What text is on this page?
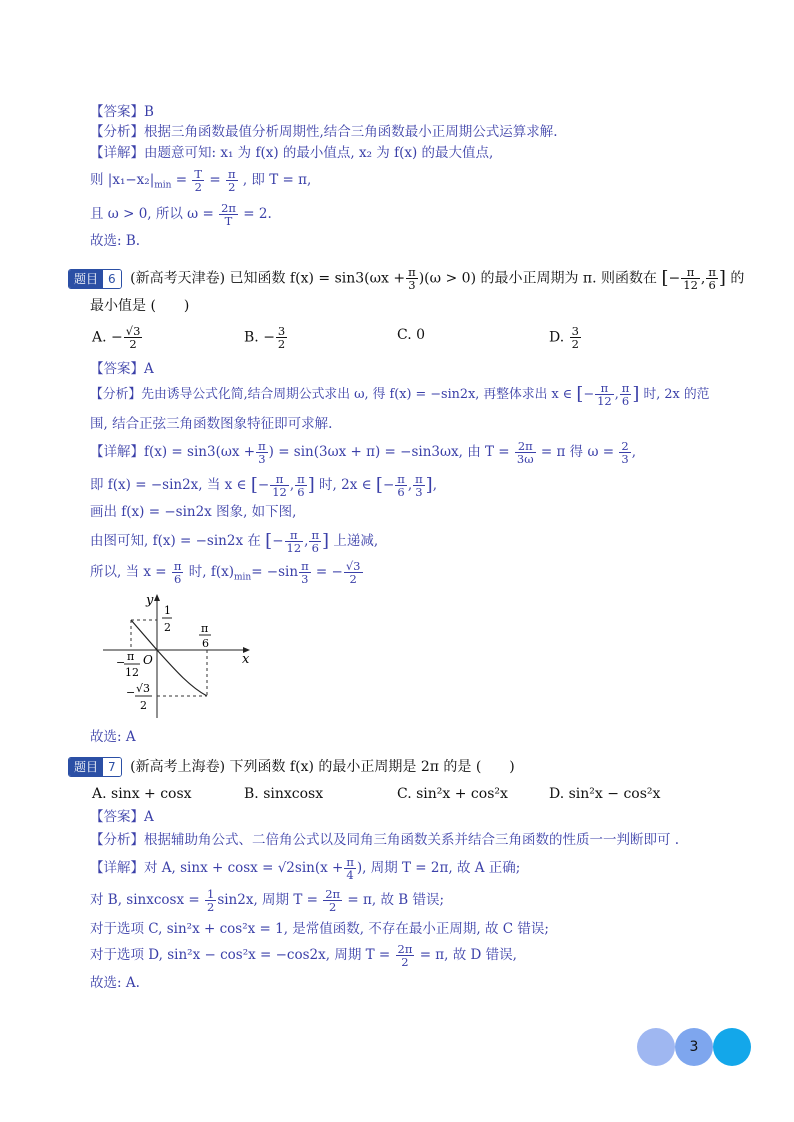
【答案】B
【分析】根据三角函数最值分析周期性,结合三角函数最小正周期公式运算求解.
【详解】由题意可知: x₁ 为 f(x) 的最小值点, x₂ 为 f(x) 的最大值点,
则 $|x_1-x_2|_{min} = \frac{T}{2} = \frac{\pi}{2}$ , 即 T = π,
且 ω > 0, 所以 $\omega = \frac{2\pi}{T} = 2$.
故选: B.
题目 6	(新高考天津卷) 已知函数 $f(x) = \sin 3(\omega x + \frac{\pi}{3} )(\omega > 0)$ 的最小正周期为 π. 则函数在 [− $\frac{\pi}{12}$ , $\frac{\pi}{6}$ ] 的
最小值是 (　　)
A. − $\frac{√3}{2}$	B. − $\frac{3}{2}$	C. 0	D. $\frac{3}{2}$
【答案】A
【分析】先由诱导公式化简,结合周期公式求出 ω, 得 f(x) = −sin2x, 再整体求出 x ∈ [− $\frac{\pi}{12}$ , $\frac{\pi}{6}$ ] 时, 2x 的范
围, 结合正弦三角函数图象特征即可求解.
【详解】$f(x) = \sin 3(\omega x + \frac{\pi}{3}$ ) = sin(3ωx + π) = −sin3ωx, 由 $T = \frac{2\pi}{3\omega} = \pi$ 得 $\omega = \frac{2}{3}$ ,
即 f(x) = −sin2x, 当 x ∈ [− $\frac{\pi}{12}$ , $\frac{\pi}{6}$ ] 时, 2x ∈ [− $\frac{\pi}{6}$ , $\frac{\pi}{3}$ ],
画出 f(x) = −sin2x 图象, 如下图,
由图可知, f(x) = −sin2x 在 [− $\frac{\pi}{12}$ , $\frac{\pi}{6}$ ] 上递减,
所以, 当 $x = \frac{\pi}{6}$ 时, $f(x)_{min}= -\sin \frac{\pi}{3}$ = − $\frac{√3}{2}$
y
x
O
1
2	π
6
− π
12
− √3
2
故选: A
题目 7	(新高考上海卷) 下列函数 f(x) 的最小正周期是 2π 的是 (　　)
A. sinx + cosx	B. sinxcosx	C. sin²x + cos²x	D. sin²x − cos²x
【答案】A
【分析】根据辅助角公式、二倍角公式以及同角三角函数关系并结合三角函数的性质一一判断即可 .
【详解】对 A, $\sin x + \cos x = √2\sin(x + \frac{\pi}{4}$ ), 周期 T = 2π, 故 A 正确;
对 B, sinxcosx = $\frac{1}{2} \sin 2x$, 周期 $T = \frac{2\pi}{2} = \pi$, 故 B 错误;
对于选项 C, sin²x + cos²x = 1, 是常值函数, 不存在最小正周期, 故 C 错误;
对于选项 D, sin²x − cos²x = −cos2x, 周期 $T = \frac{2\pi}{2} = \pi$, 故 D 错误,
故选: A.
3
